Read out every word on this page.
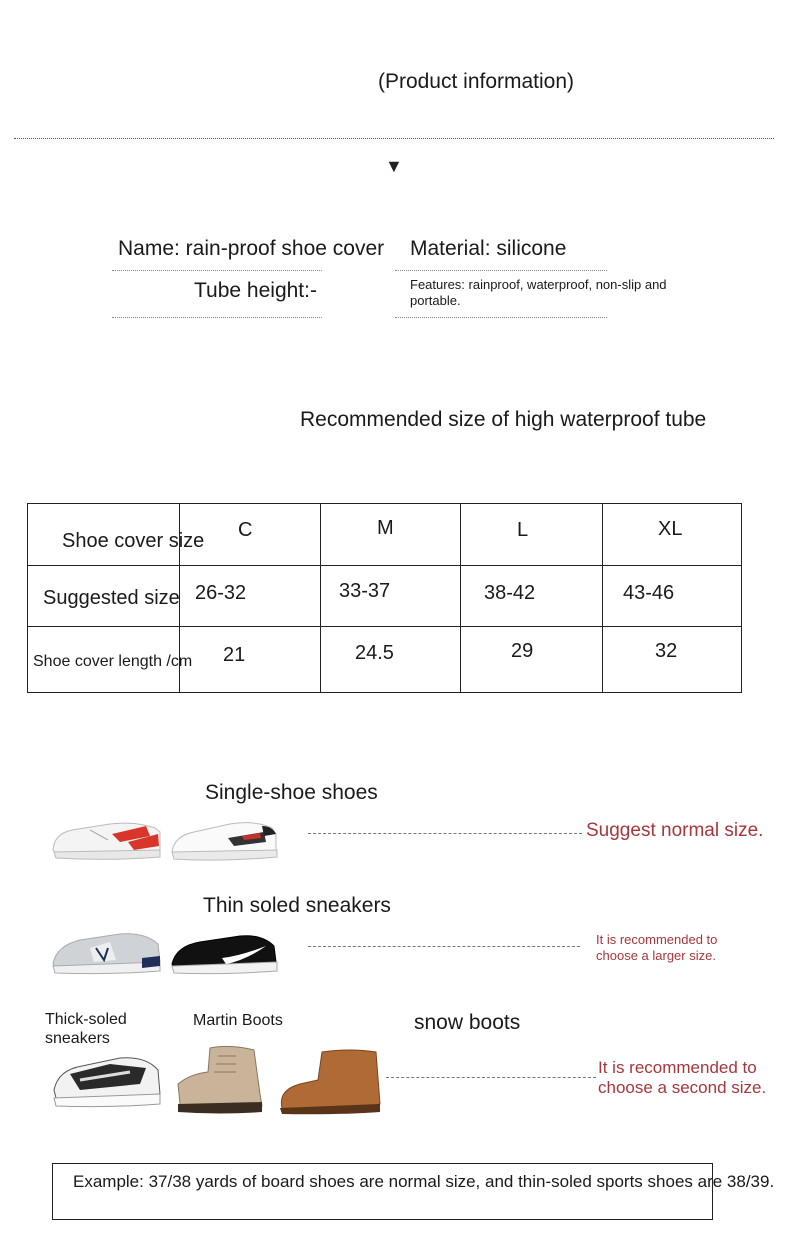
(Product information)
▼
Name: rain-proof shoe cover Material: silicone
Tube height:-	Features: rainproof, waterproof, non-slip and portable.
Recommended size of high waterproof tube
Shoe cover size	C	M	L	XL
Suggested size	26-32	33-37	38-42	43-46
Shoe cover length /cm	21	24.5	29	32
Single-shoe shoes
Suggest normal size.
Thin soled sneakers
It is recommended to choose a larger size.
Thick-soled sneakers
Martin Boots	snow boots
It is recommended to choose a second size.
Example: 37/38 yards of board shoes are normal size, and thin-soled sports shoes are 38/39.
